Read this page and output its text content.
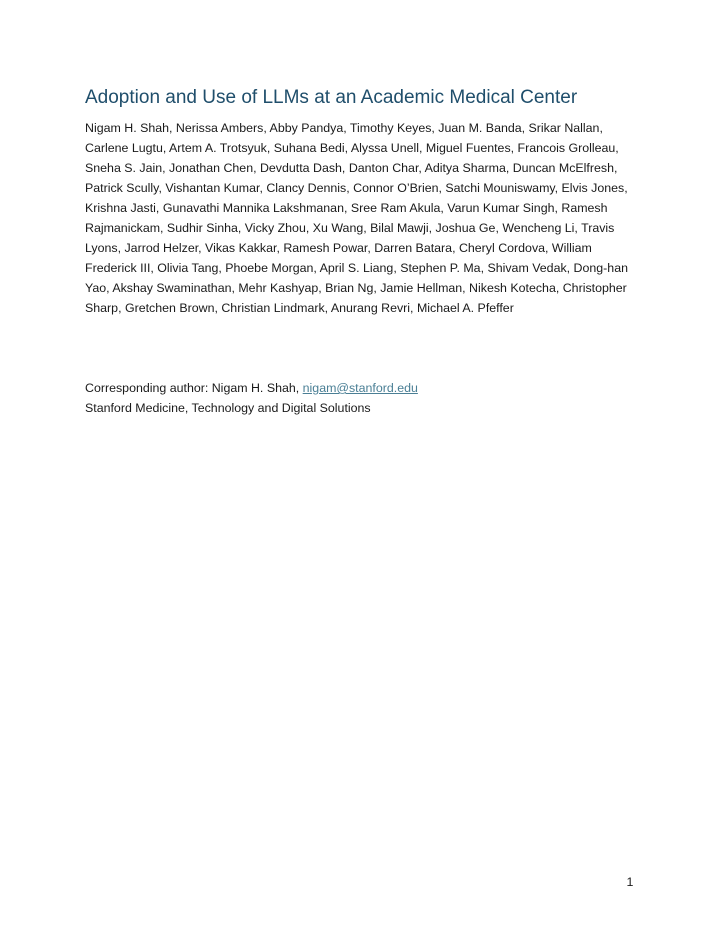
Adoption and Use of LLMs at an Academic Medical Center

Nigam H. Shah, Nerissa Ambers, Abby Pandya, Timothy Keyes, Juan M. Banda, Srikar Nallan, Carlene Lugtu, Artem A. Trotsyuk, Suhana Bedi, Alyssa Unell, Miguel Fuentes, Francois Grolleau, Sneha S. Jain, Jonathan Chen, Devdutta Dash, Danton Char, Aditya Sharma, Duncan McElfresh, Patrick Scully, Vishantan Kumar, Clancy Dennis, Connor O’Brien, Satchi Mouniswamy, Elvis Jones, Krishna Jasti, Gunavathi Mannika Lakshmanan, Sree Ram Akula, Varun Kumar Singh, Ramesh Rajmanickam, Sudhir Sinha, Vicky Zhou, Xu Wang, Bilal Mawji, Joshua Ge, Wencheng Li, Travis Lyons, Jarrod Helzer, Vikas Kakkar, Ramesh Powar, Darren Batara, Cheryl Cordova, William Frederick III, Olivia Tang, Phoebe Morgan, April S. Liang, Stephen P. Ma, Shivam Vedak, Dong-han Yao, Akshay Swaminathan, Mehr Kashyap, Brian Ng, Jamie Hellman, Nikesh Kotecha, Christopher Sharp, Gretchen Brown, Christian Lindmark, Anurang Revri, Michael A. Pfeffer

Corresponding author: Nigam H. Shah, nigam@stanford.edu

Stanford Medicine, Technology and Digital Solutions

1
